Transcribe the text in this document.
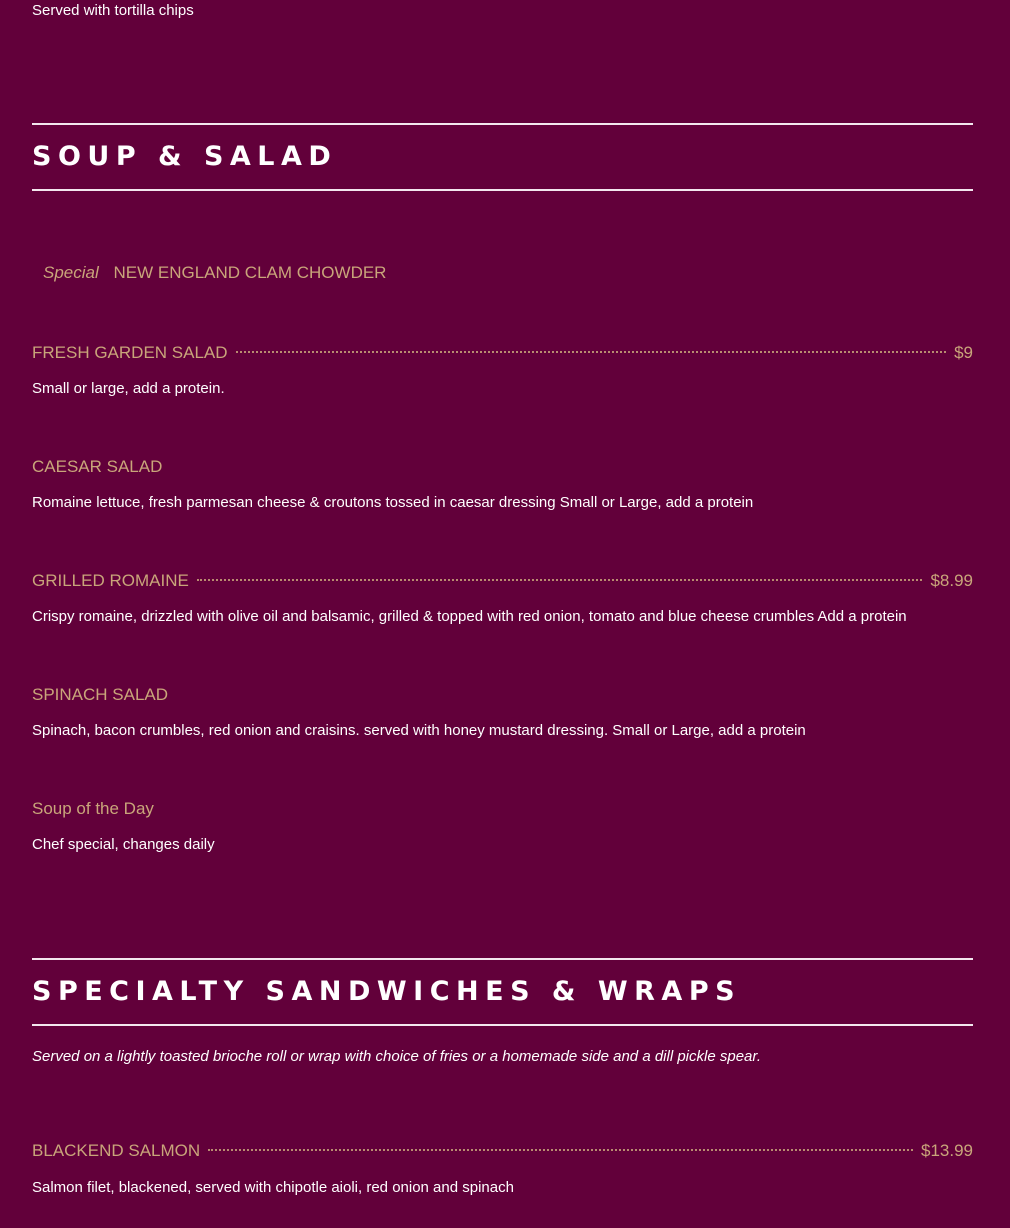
Served with tortilla chips
SOUP & SALAD
Special NEW ENGLAND CLAM CHOWDER
FRESH GARDEN SALAD	$9
Small or large, add a protein.
CAESAR SALAD
Romaine lettuce, fresh parmesan cheese & croutons tossed in caesar dressing Small or Large, add a protein
GRILLED ROMAINE	$8.99
Crispy romaine, drizzled with olive oil and balsamic, grilled & topped with red onion, tomato and blue cheese crumbles Add a protein
SPINACH SALAD
Spinach, bacon crumbles, red onion and craisins. served with honey mustard dressing. Small or Large, add a protein
Soup of the Day
Chef special, changes daily
SPECIALTY SANDWICHES & WRAPS
Served on a lightly toasted brioche roll or wrap with choice of fries or a homemade side and a dill pickle spear.
BLACKEND SALMON	$13.99
Salmon filet, blackened, served with chipotle aioli, red onion and spinach
